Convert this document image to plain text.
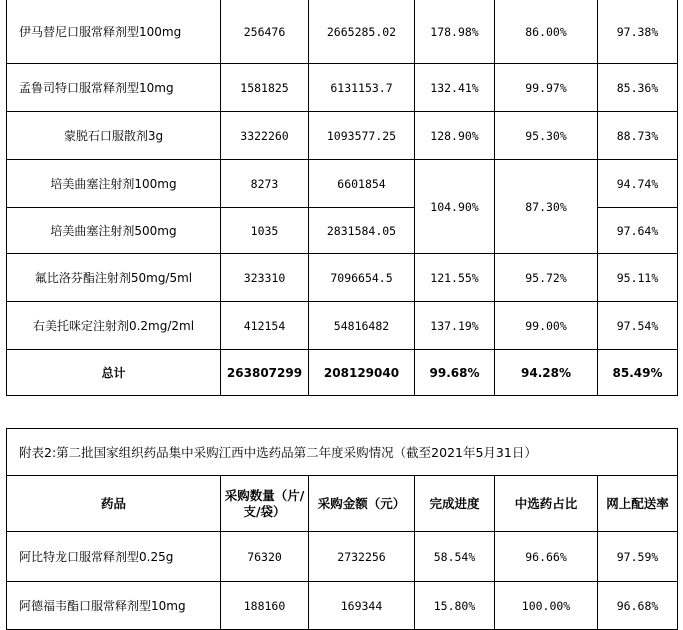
伊马替尼口服常释剂型100mg	256476	2665285.02	178.98%	86.00%	97.38%
孟鲁司特口服常释剂型10mg	1581825	6131153.7	132.41%	99.97%	85.36%
蒙脱石口服散剂3g	3322260	1093577.25	128.90%	95.30%	88.73%
培美曲塞注射剂100mg	8273	6601854	104.90%	87.30%	94.74%
培美曲塞注射剂500mg	1035	2831584.05			97.64%
氟比洛芬酯注射剂50mg/5ml	323310	7096654.5	121.55%	95.72%	95.11%
右美托咪定注射剂0.2mg/2ml	412154	54816482	137.19%	99.00%	97.54%
总计	263807299	208129040	99.68%	94.28%	85.49%
附表2:第二批国家组织药品集中采购江西中选药品第二年度采购情况（截至2021年5月31日）					
药品	采购数量（片/支/袋）	采购金额（元）	完成进度	中选药占比	网上配送率
阿比特龙口服常释剂型0.25g	76320	2732256	58.54%	96.66%	97.59%
阿德福韦酯口服常释剂型10mg	188160	169344	15.80%	100.00%	96.68%
